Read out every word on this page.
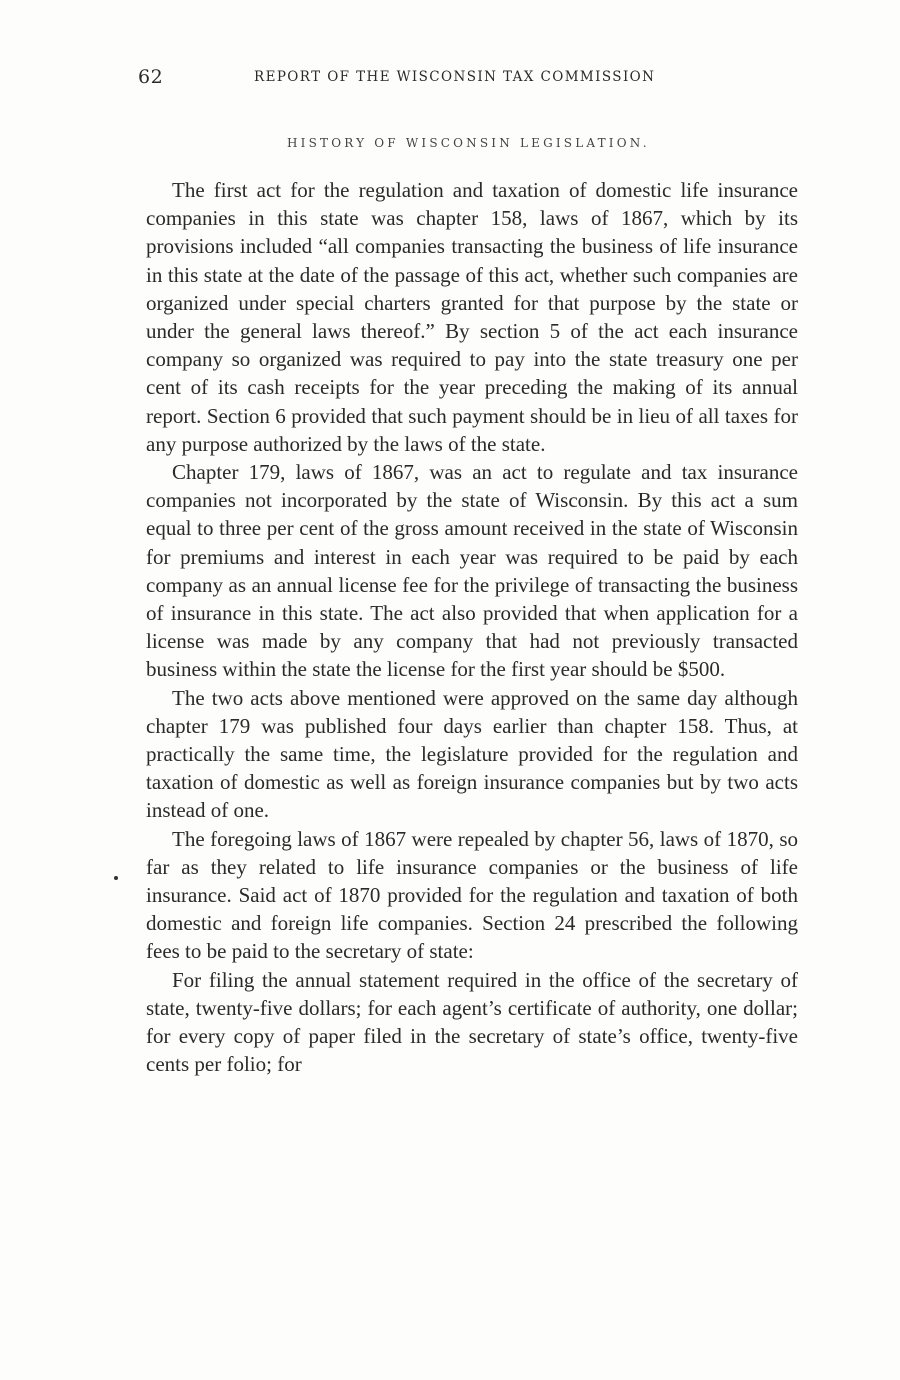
62	REPORT OF THE WISCONSIN TAX COMMISSION
HISTORY OF WISCONSIN LEGISLATION.

The first act for the regulation and taxation of domestic life insurance companies in this state was chapter 158, laws of 1867, which by its provisions included “all companies transacting the business of life insurance in this state at the date of the passage of this act, whether such companies are organized under special charters granted for that purpose by the state or under the general laws thereof.” By section 5 of the act each insurance company so organized was required to pay into the state treasury one per cent of its cash receipts for the year preceding the making of its annual report. Section 6 provided that such payment should be in lieu of all taxes for any purpose authorized by the laws of the state.

Chapter 179, laws of 1867, was an act to regulate and tax insurance companies not incorporated by the state of Wisconsin. By this act a sum equal to three per cent of the gross amount received in the state of Wisconsin for premiums and interest in each year was required to be paid by each company as an annual license fee for the privilege of transacting the business of insurance in this state. The act also provided that when application for a license was made by any company that had not previously transacted business within the state the license for the first year should be $500.

The two acts above mentioned were approved on the same day although chapter 179 was published four days earlier than chapter 158. Thus, at practically the same time, the legislature provided for the regulation and taxation of domestic as well as foreign insurance companies but by two acts instead of one.

The foregoing laws of 1867 were repealed by chapter 56, laws of 1870, so far as they related to life insurance companies or the business of life insurance. Said act of 1870 provided for the regulation and taxation of both domestic and foreign life companies. Section 24 prescribed the following fees to be paid to the secretary of state:

For filing the annual statement required in the office of the secretary of state, twenty-five dollars; for each agent’s certificate of authority, one dollar; for every copy of paper filed in the secretary of state’s office, twenty-five cents per folio; for
